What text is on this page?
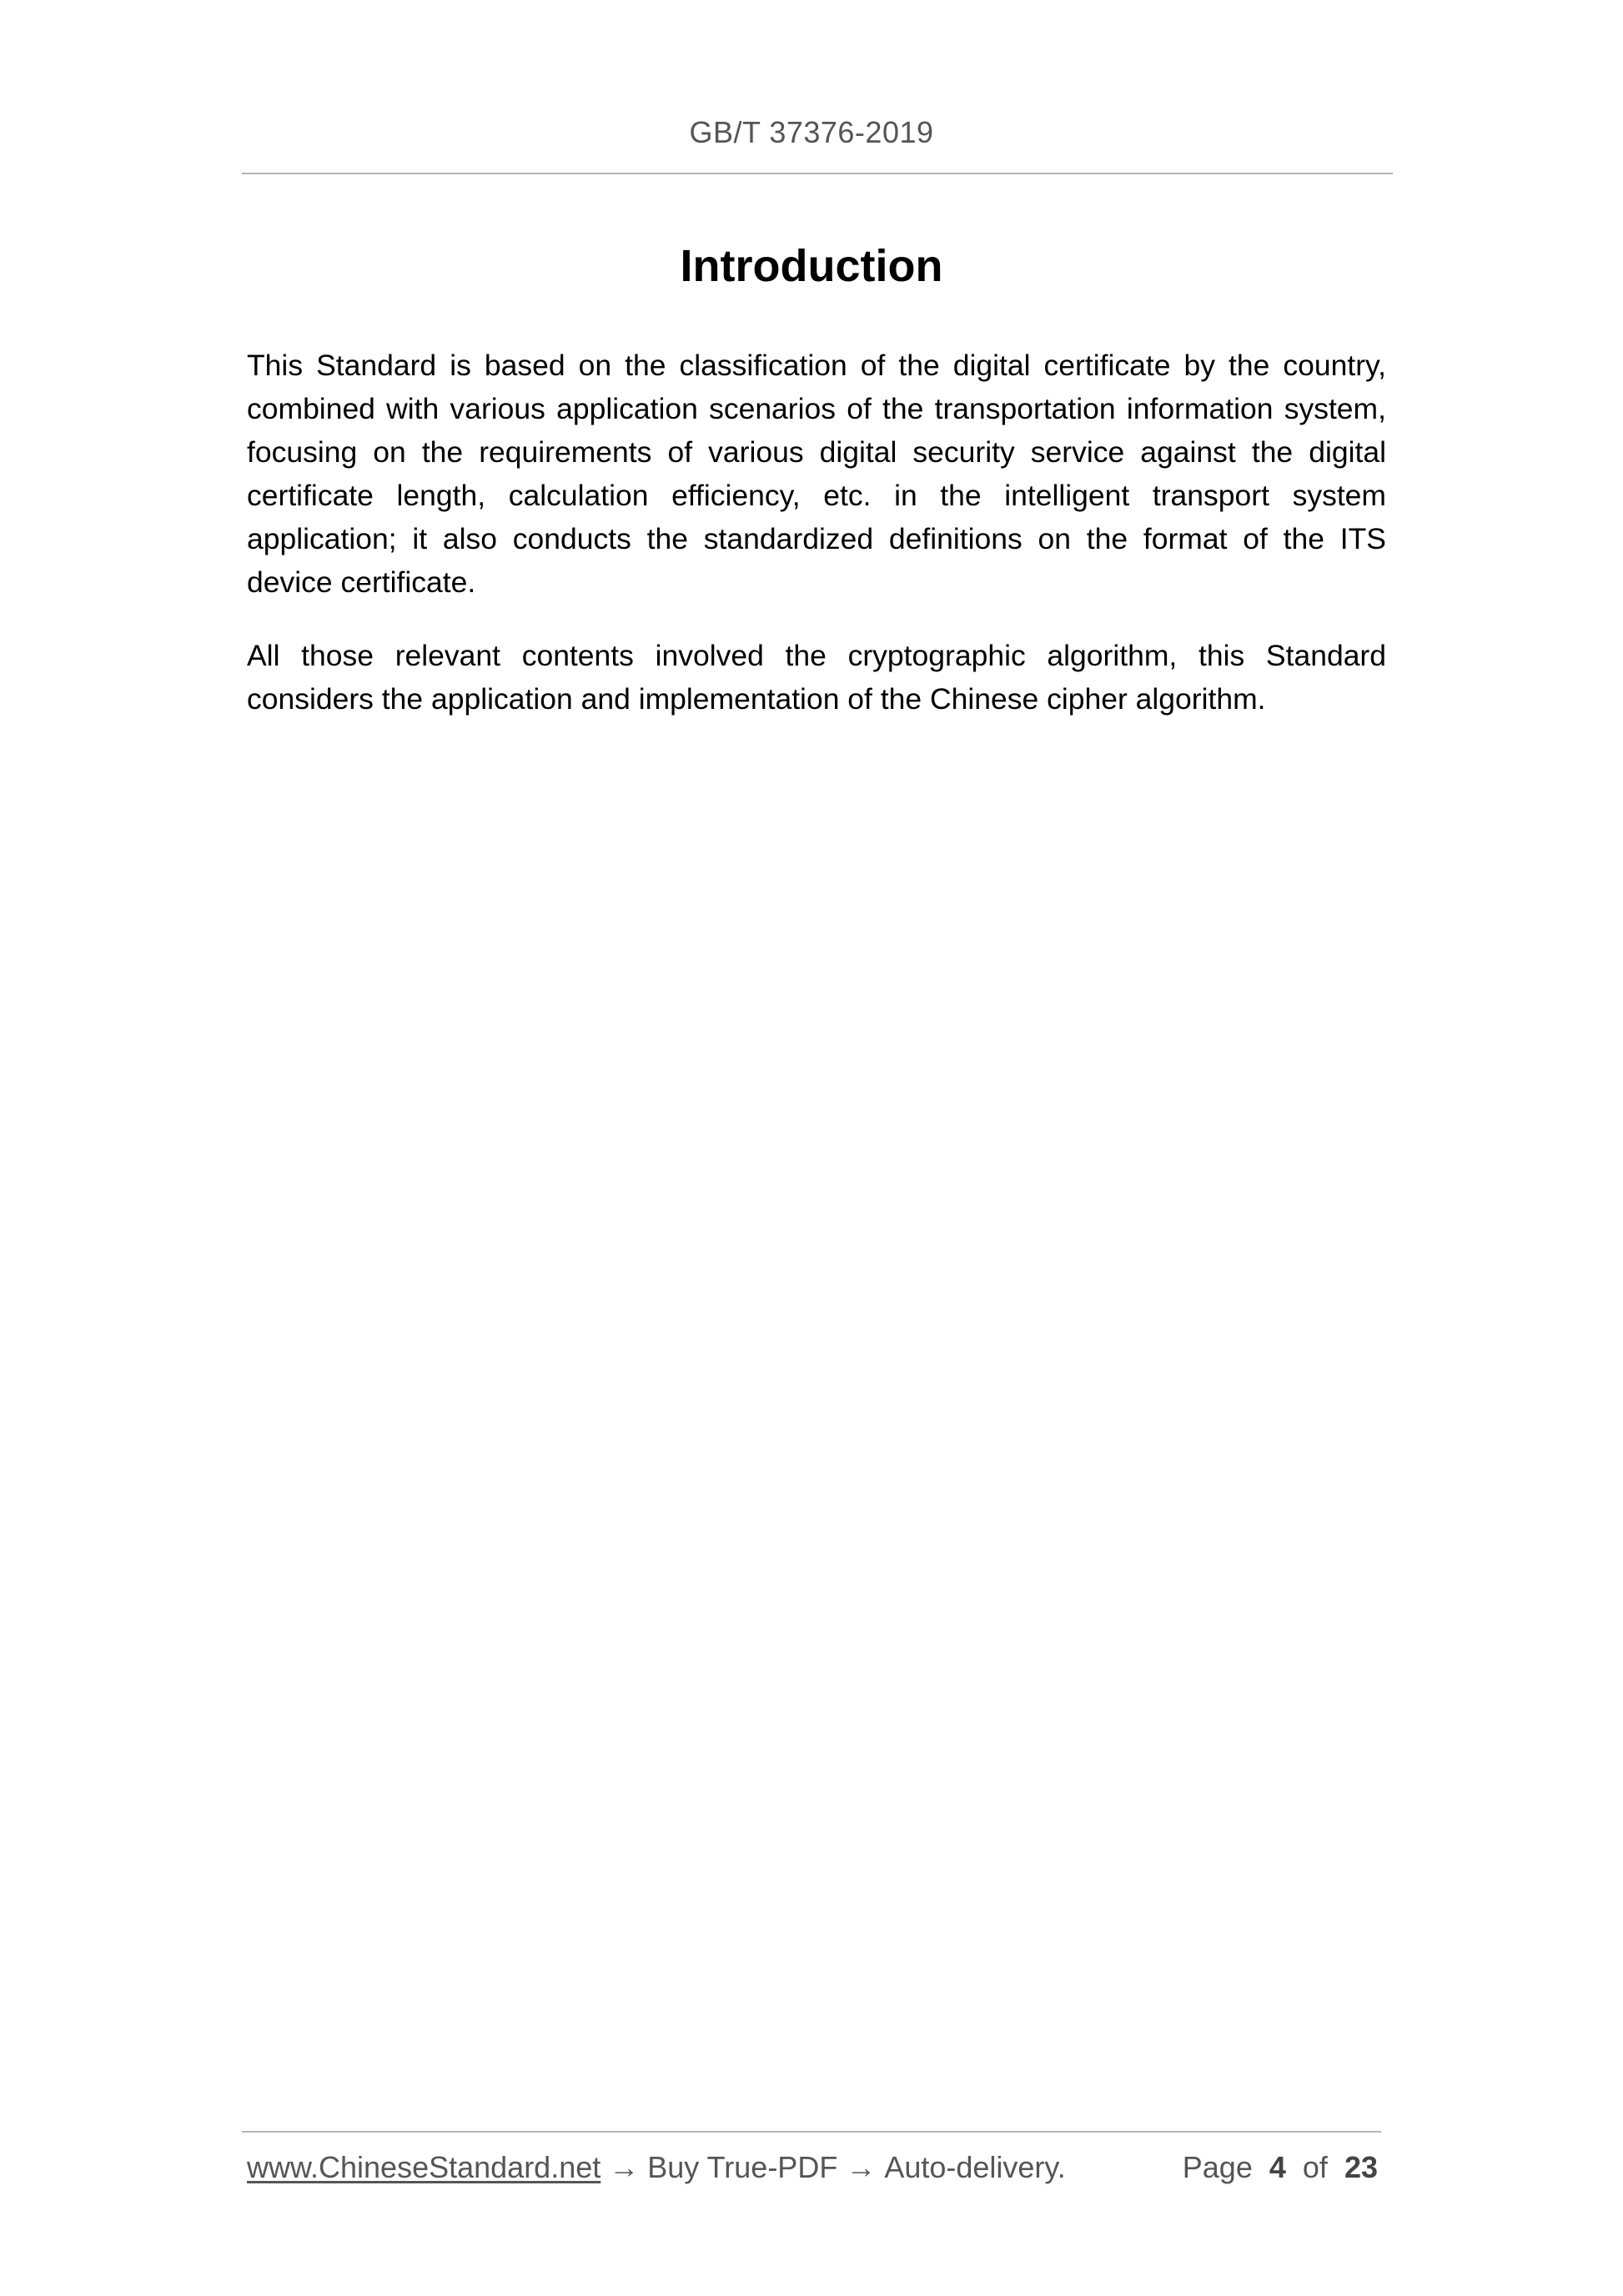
GB/T 37376-2019
Introduction

This Standard is based on the classification of the digital certificate by the country, combined with various application scenarios of the transportation information system, focusing on the requirements of various digital security service against the digital certificate length, calculation efficiency, etc. in the intelligent transport system application; it also conducts the standardized definitions on the format of the ITS device certificate.

All those relevant contents involved the cryptographic algorithm, this Standard considers the application and implementation of the Chinese cipher algorithm.

www.ChineseStandard.net → Buy True-PDF → Auto-delivery.	Page 4 of 23
